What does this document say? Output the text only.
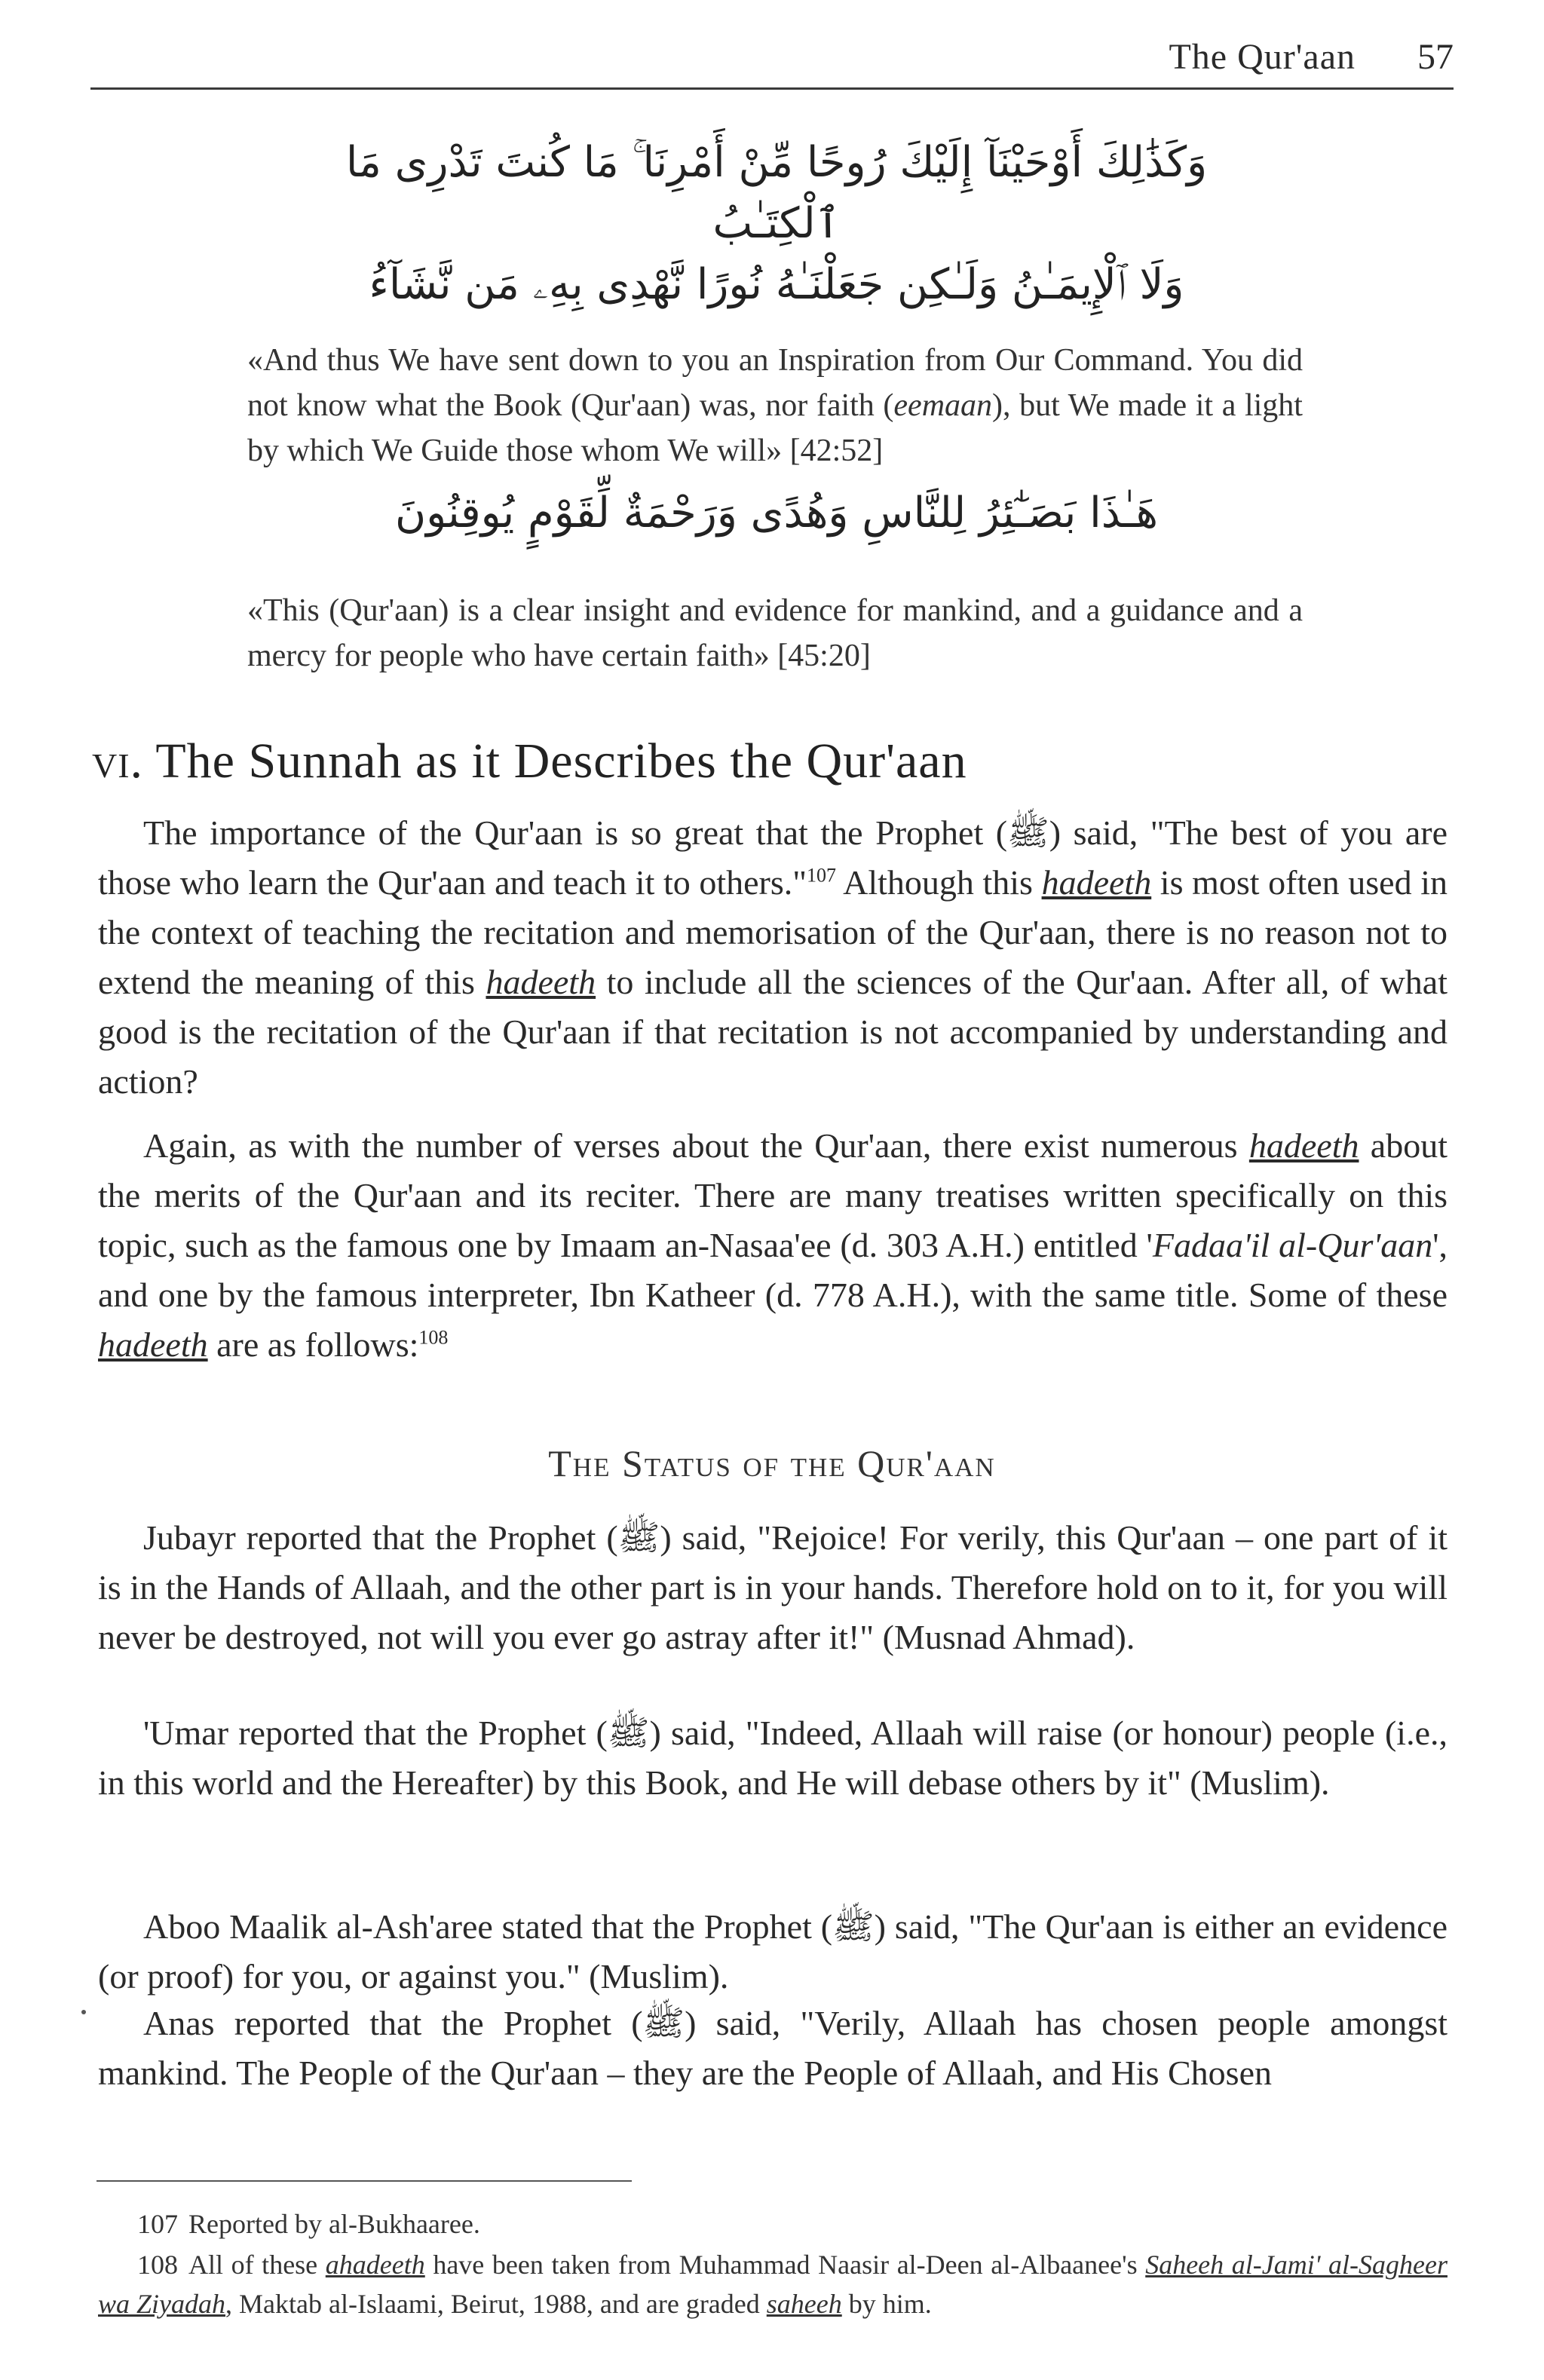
The Qur'aan 57
وَكَذَٰلِكَ أَوْحَيْنَآ إِلَيْكَ رُوحًا مِّنْ أَمْرِنَا ۚ مَا كُنتَ تَدْرِى مَا ٱلْكِتَـٰبُ
وَلَا ٱلْإِيمَـٰنُ وَلَـٰكِن جَعَلْنَـٰهُ نُورًا نَّهْدِى بِهِۦ مَن نَّشَآءُ

«And thus We have sent down to you an Inspiration from Our Command. You did not know what the Book (Qur'aan) was, nor faith (eemaan), but We made it a light by which We Guide those whom We will» [42:52]

هَـٰذَا بَصَـٰٓئِرُ لِلنَّاسِ وَهُدًى وَرَحْمَةٌ لِّقَوْمٍ يُوقِنُونَ

«This (Qur'aan) is a clear insight and evidence for mankind, and a guidance and a mercy for people who have certain faith» [45:20]

vi. The Sunnah as it Describes the Qur'aan

The importance of the Qur'aan is so great that the Prophet (ﷺ) said, "The best of you are those who learn the Qur'aan and teach it to others."$^{107}$ Although this hadeeth is most often used in the context of teaching the recitation and memorisation of the Qur'aan, there is no reason not to extend the meaning of this hadeeth to include all the sciences of the Qur'aan. After all, of what good is the recitation of the Qur'aan if that recitation is not accompanied by understanding and action?

Again, as with the number of verses about the Qur'aan, there exist numerous hadeeth about the merits of the Qur'aan and its reciter. There are many treatises written specifically on this topic, such as the famous one by Imaam an-Nasaa'ee (d. 303 A.H.) entitled 'Fadaa'il al-Qur'aan', and one by the famous interpreter, Ibn Katheer (d. 778 A.H.), with the same title. Some of these hadeeth are as follows:$^{108}$

The Status of the Qur'aan

Jubayr reported that the Prophet (ﷺ) said, "Rejoice! For verily, this Qur'aan – one part of it is in the Hands of Allaah, and the other part is in your hands. Therefore hold on to it, for you will never be destroyed, not will you ever go astray after it!" (Musnad Ahmad).

'Umar reported that the Prophet (ﷺ) said, "Indeed, Allaah will raise (or honour) people (i.e., in this world and the Hereafter) by this Book, and He will debase others by it" (Muslim).

Aboo Maalik al-Ash'aree stated that the Prophet (ﷺ) said, "The Qur'aan is either an evidence (or proof) for you, or against you." (Muslim).

Anas reported that the Prophet (ﷺ) said, "Verily, Allaah has chosen people amongst mankind. The People of the Qur'aan – they are the People of Allaah, and His Chosen

107 Reported by al-Bukhaaree.

108 All of these ahadeeth have been taken from Muhammad Naasir al-Deen al-Albaanee's Saheeh al-Jami' al-Sagheer wa Ziyadah, Maktab al-Islaami, Beirut, 1988, and are graded saheeh by him.
